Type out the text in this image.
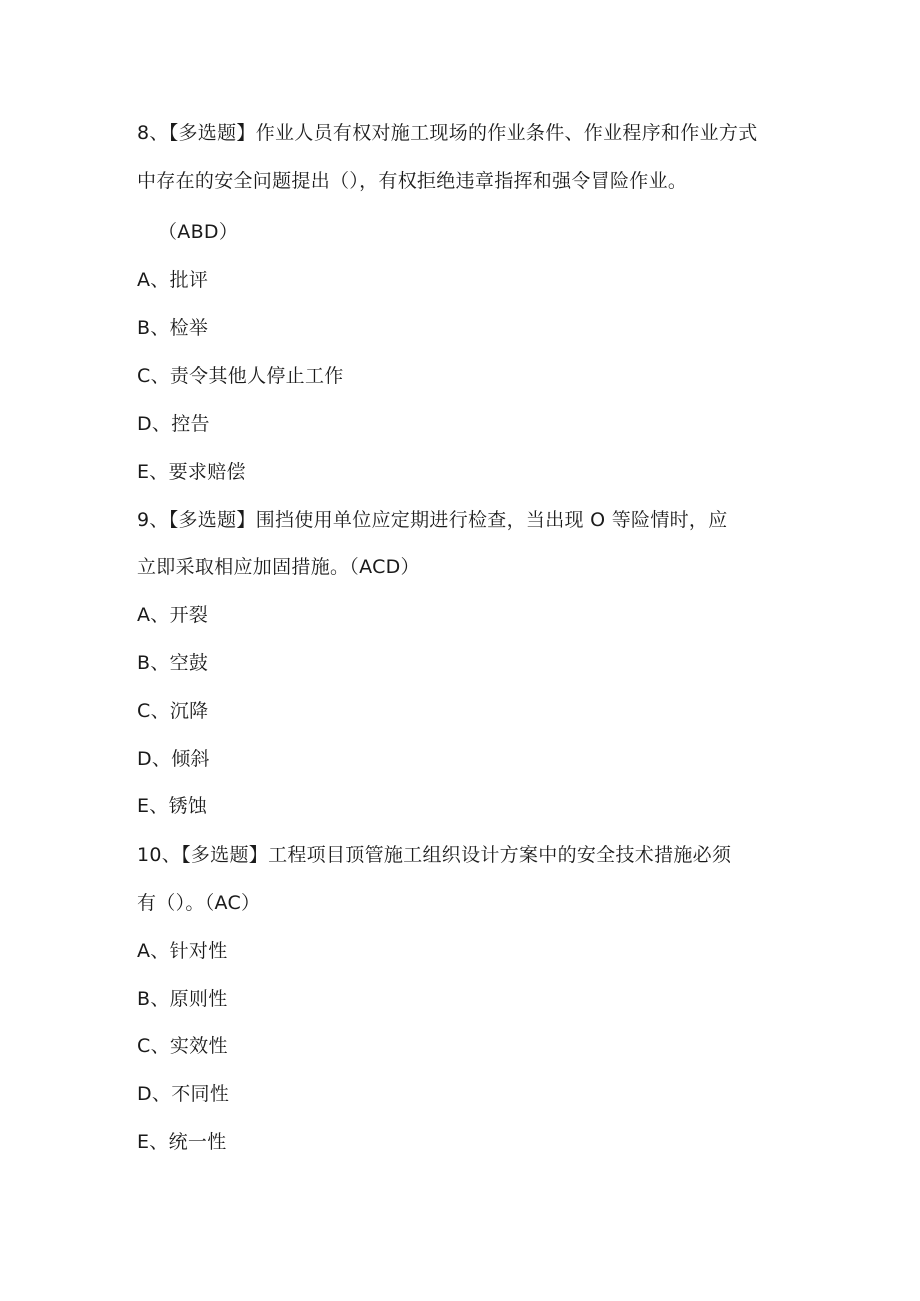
8、【多选题】作业人员有权对施工现场的作业条件、作业程序和作业方式
中存在的安全问题提出（），有权拒绝违章指挥和强令冒险作业。
（ABD）
A、批评
B、检举
C、责令其他人停止工作
D、控告
E、要求赔偿
9、【多选题】围挡使用单位应定期进行检查，当出现 O 等险情时，应
立即采取相应加固措施。（ACD）
A、开裂
B、空鼓
C、沉降
D、倾斜
E、锈蚀
10、【多选题】工程项目顶管施工组织设计方案中的安全技术措施必须
有（）。（AC）
A、针对性
B、原则性
C、实效性
D、不同性
E、统一性
